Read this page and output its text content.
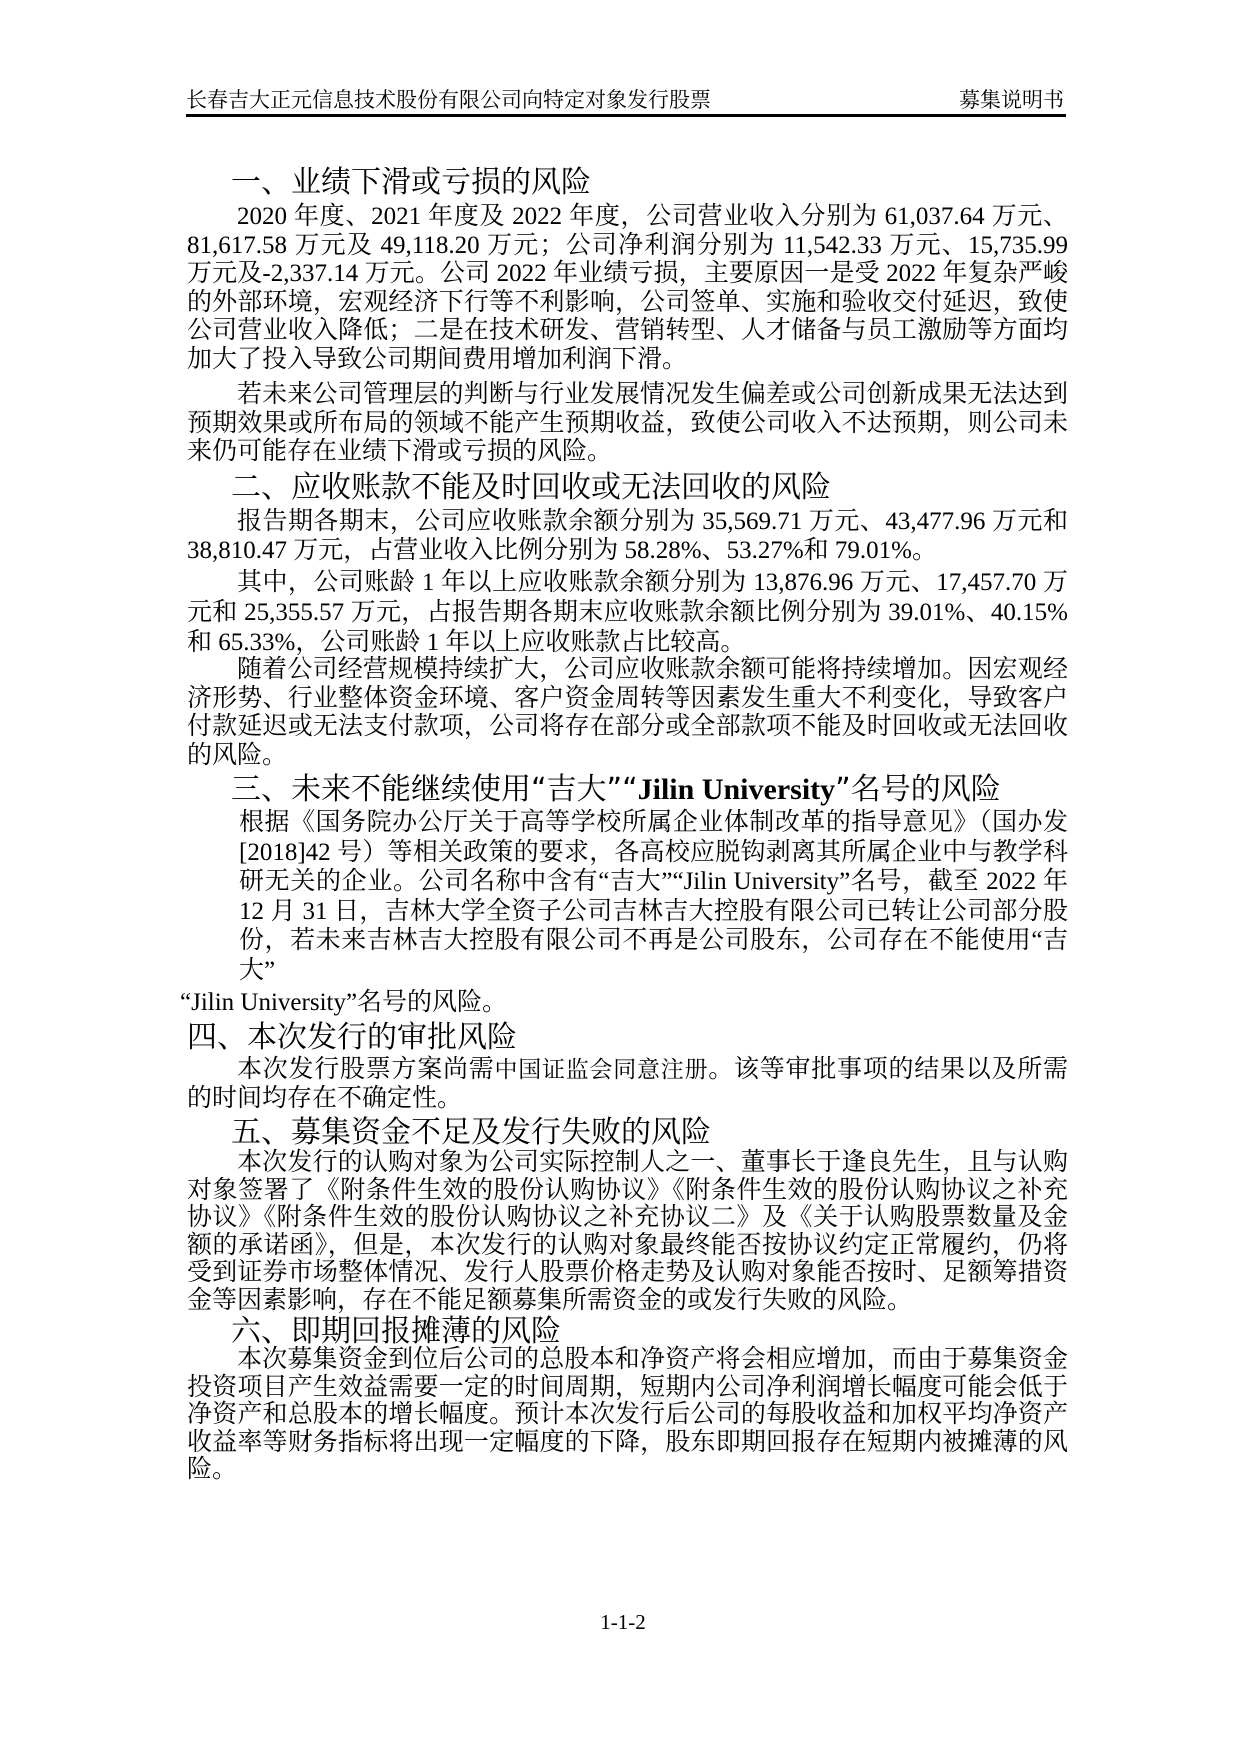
长春吉大正元信息技术股份有限公司向特定对象发行股票	募集说明书
一、业绩下滑或亏损的风险
2020 年度、2021 年度及 2022 年度，公司营业收入分别为 61,037.64 万元、81,617.58 万元及 49,118.20 万元；公司净利润分别为 11,542.33 万元、15,735.99 万元及-2,337.14 万元。公司 2022 年业绩亏损，主要原因一是受 2022 年复杂严峻的外部环境，宏观经济下行等不利影响，公司签单、实施和验收交付延迟，致使公司营业收入降低；二是在技术研发、营销转型、人才储备与员工激励等方面均加大了投入导致公司期间费用增加利润下滑。
若未来公司管理层的判断与行业发展情况发生偏差或公司创新成果无法达到预期效果或所布局的领域不能产生预期收益，致使公司收入不达预期，则公司未来仍可能存在业绩下滑或亏损的风险。
二、应收账款不能及时回收或无法回收的风险
报告期各期末，公司应收账款余额分别为 35,569.71 万元、43,477.96 万元和 38,810.47 万元，占营业收入比例分别为 58.28%、53.27%和 79.01%。
其中，公司账龄 1 年以上应收账款余额分别为 13,876.96 万元、17,457.70 万元和 25,355.57 万元，占报告期各期末应收账款余额比例分别为 39.01%、40.15% 和 65.33%，公司账龄 1 年以上应收账款占比较高。
随着公司经营规模持续扩大，公司应收账款余额可能将持续增加。因宏观经济形势、行业整体资金环境、客户资金周转等因素发生重大不利变化，导致客户付款延迟或无法支付款项，公司将存在部分或全部款项不能及时回收或无法回收的风险。
三、未来不能继续使用“吉大”“Jilin University”名号的风险
根据《国务院办公厅关于高等学校所属企业体制改革的指导意见》（国办发[2018]42 号）等相关政策的要求，各高校应脱钩剥离其所属企业中与教学科研无关的企业。公司名称中含有“吉大”“Jilin University”名号，截至 2022 年 12 月 31 日，吉林大学全资子公司吉林吉大控股有限公司已转让公司部分股份，若未来吉林吉大控股有限公司不再是公司股东，公司存在不能使用“吉大”
“Jilin University”名号的风险。
四、本次发行的审批风险
本次发行股票方案尚需中国证监会同意注册。该等审批事项的结果以及所需的时间均存在不确定性。
五、募集资金不足及发行失败的风险
本次发行的认购对象为公司实际控制人之一、董事长于逢良先生，且与认购对象签署了《附条件生效的股份认购协议》《附条件生效的股份认购协议之补充协议》《附条件生效的股份认购协议之补充协议二》及《关于认购股票数量及金额的承诺函》，但是，本次发行的认购对象最终能否按协议约定正常履约，仍将受到证券市场整体情况、发行人股票价格走势及认购对象能否按时、足额筹措资金等因素影响，存在不能足额募集所需资金的或发行失败的风险。
六、即期回报摊薄的风险
本次募集资金到位后公司的总股本和净资产将会相应增加，而由于募集资金投资项目产生效益需要一定的时间周期，短期内公司净利润增长幅度可能会低于净资产和总股本的增长幅度。预计本次发行后公司的每股收益和加权平均净资产收益率等财务指标将出现一定幅度的下降，股东即期回报存在短期内被摊薄的风险。
1-1-2
